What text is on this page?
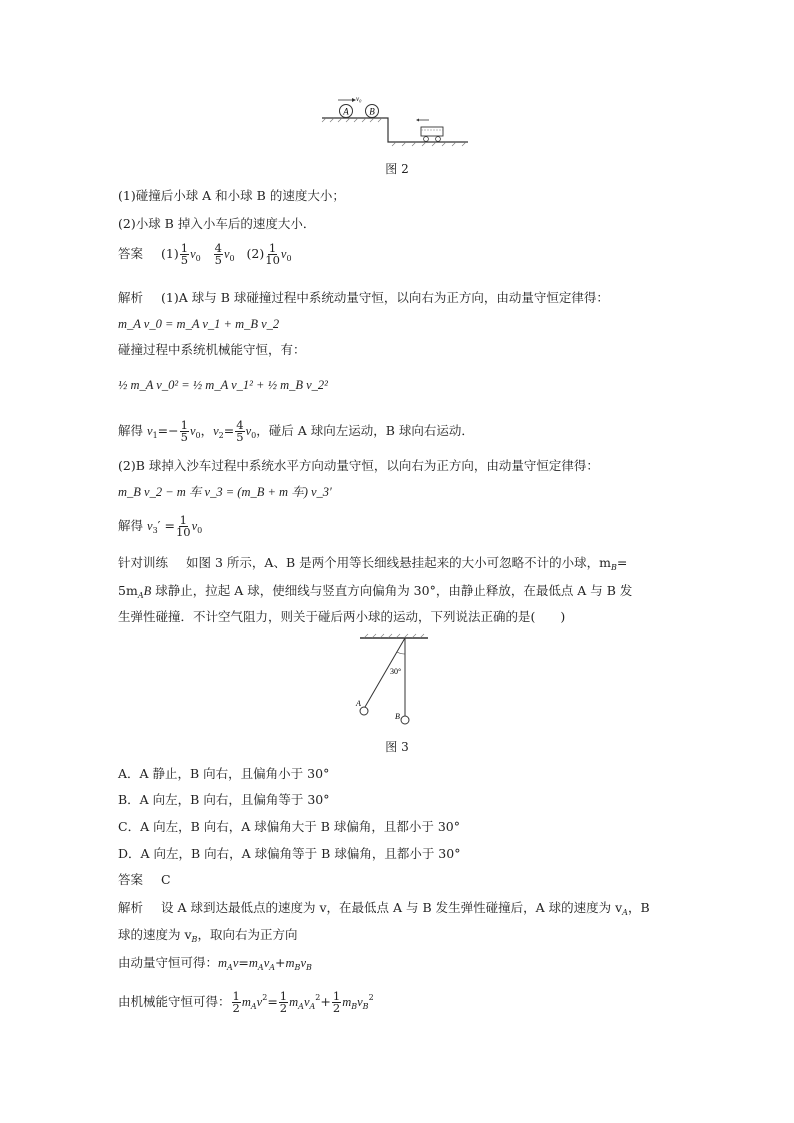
A B
v₀
图 2
(1)碰撞后小球 A 和小球 B 的速度大小；
(2)小球 B 掉入小车后的速度大小．
答案 $(1) \frac{1}{5} v_0 \frac{4}{5} v_0$ $(2) \frac{1}{10} v_0$
解析 (1)A 球与 B 球碰撞过程中系统动量守恒，以向右为正方向，由动量守恒定律得：
m_A v_0 = m_A v_1 + m_B v_2
碰撞过程中系统机械能守恒，有：
½ m_A v_0² = ½ m_A v_1² + ½ m_B v_2²
解得 $v_1=- \frac{1}{5} v_0$，$v_2= \frac{4}{5} v_0$，碰后 A 球向左运动，B 球向右运动．
(2)B 球掉入沙车过程中系统水平方向动量守恒，以向右为正方向，由动量守恒定律得：
m_B v_2 − m 车 v_3 = (m_B + m 车) v_3′
解得 $v_3' = \frac{1}{10} v_0$
针对训练 如图 3 所示，A、B 是两个用等长细线悬挂起来的大小可忽略不计的小球，$m_B=$
$5m_AB$ 球静止，拉起 A 球，使细线与竖直方向偏角为 30°，由静止释放，在最低点 A 与 B 发
生弹性碰撞．不计空气阻力，则关于碰后两小球的运动，下列说法正确的是(　　)
30°
A
B
图 3
A．A 静止，B 向右，且偏角小于 30°
B．A 向左，B 向右，且偏角等于 30°
C．A 向左，B 向右，A 球偏角大于 B 球偏角，且都小于 30°
D．A 向左，B 向右，A 球偏角等于 B 球偏角，且都小于 30°
答案 C
解析 设 A 球到达最低点的速度为 v，在最低点 A 与 B 发生弹性碰撞后，A 球的速度为 $v_A$，B
球的速度为 $v_B$，取向右为正方向
由动量守恒可得：$m_Av=m_Av_A+m_Bv_B$
由机械能守恒可得： $\frac{1}{2} m_Av^2= \frac{1}{2} m_Av_A^2+ \frac{1}{2} m_Bv_B^2$
